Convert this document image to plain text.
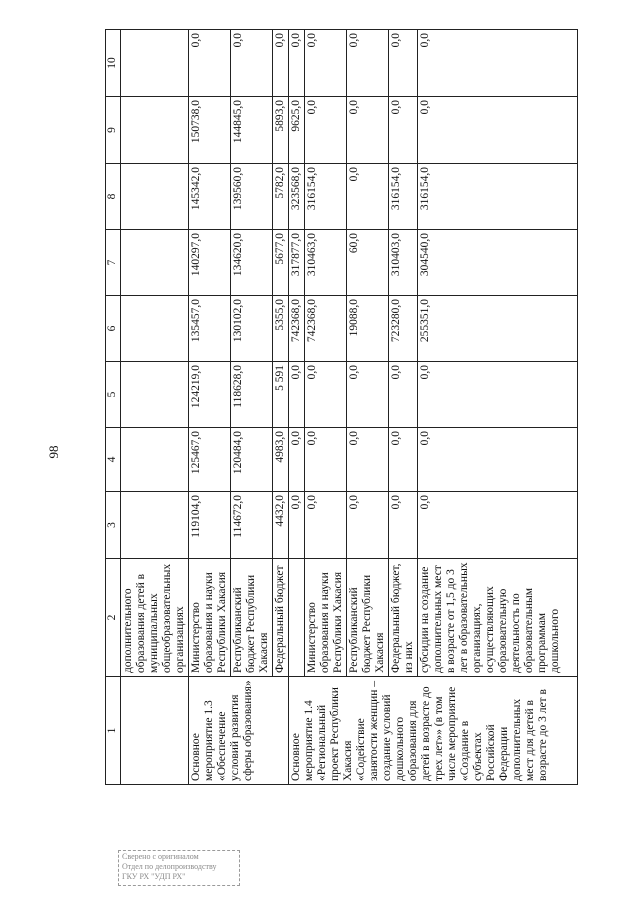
98
Сверено с оригиналом
Отдел по делопроизводству
ГКУ РХ "УДП РХ"
1	2	3	4	5	6	7	8	9	10
	дополнительного образования детей в муниципальных общеобразовательных организациях								
Основное мероприятие 1.3 «Обеспечение условий развития сферы образования»	Министерство образования и науки Республики Хакасия	119104,0	125467,0	124219,0	135457,0	140297,0	145342,0	150738,0	0,0
	Республиканский бюджет Республики Хакасия	114672,0	120484,0	118628,0	130102,0	134620,0	139560,0	144845,0	0,0
	Федеральный бюджет	4432,0	4983,0	5 591	5355,0	5677,0	5782,0	5893,0	0,0
Основное мероприятие 1.4 «Региональный проект Республики Хакасия «Содействие занятости женщин – создание условий дошкольного образования для детей в возрасте до трех лет»» (в том числе мероприятие «Создание в субъектах Российской Федерации дополнительных мест для детей в возрасте до 3 лет в		0,0	0,0	0,0	742368,0	317877,0	323568,0	9625,0	0,0
	Министерство образования и науки Республики Хакасия	0,0	0,0	0,0	742368,0	310463,0	316154,0	0,0	0,0
	Республиканский бюджет Республики Хакасия	0,0	0,0	0,0	19088,0	60,0	0,0	0,0	0,0
	Федеральный бюджет, из них	0,0	0,0	0,0	723280,0	310403,0	316154,0	0,0	0,0
	субсидии на создание дополнительных мест в возрасте от 1,5 до 3 лет в образовательных организациях, осуществляющих образовательную деятельность по образовательным программам дошкольного	0,0	0,0	0,0	255351,0	304540,0	316154,0	0,0	0,0
